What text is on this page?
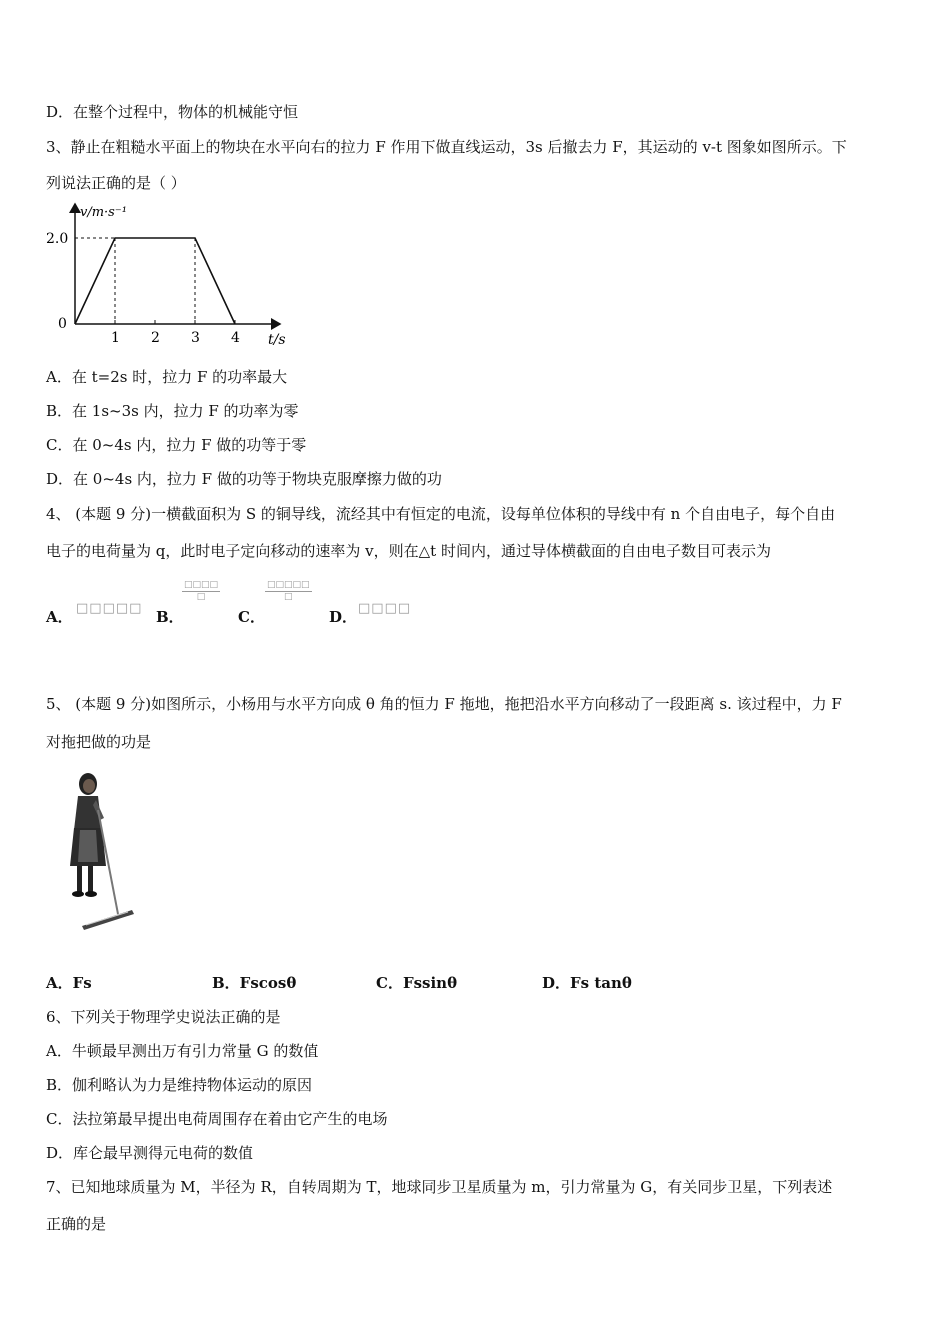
D．在整个过程中，物体的机械能守恒
3、静止在粗糙水平面上的物块在水平向右的拉力 F 作用下做直线运动，3s 后撤去力 F，其运动的 v-t 图象如图所示。下
列说法正确的是（ ）
v/m·s⁻¹
t/s
0
1 2 3 4
2.0
A．在 t=2s 时，拉力 F 的功率最大
B．在 1s~3s 内，拉力 F 的功率为零
C．在 0~4s 内，拉力 F 做的功等于零
D．在 0~4s 内，拉力 F 做的功等于物块克服摩擦力做的功
4、 (本题 9 分)一横截面积为 S 的铜导线，流经其中有恒定的电流，设每单位体积的导线中有 n 个自由电子，每个自由
电子的电荷量为 q，此时电子定向移动的速率为 v，则在△t 时间内，通过导体横截面的自由电子数目可表示为
A． □□□□□ B．	C．	D． □□□□
□□□□
□
□□□□□
□
5、 (本题 9 分)如图所示，小杨用与水平方向成 θ 角的恒力 F 拖地，拖把沿水平方向移动了一段距离 s. 该过程中，力 F
对拖把做的功是
A．Fs	B．Fscosθ	C．Fssinθ	D．Fs tanθ
6、下列关于物理学史说法正确的是
A．牛顿最早测出万有引力常量 G 的数值
B．伽利略认为力是维持物体运动的原因
C．法拉第最早提出电荷周围存在着由它产生的电场
D．库仑最早测得元电荷的数值
7、已知地球质量为 M，半径为 R，自转周期为 T，地球同步卫星质量为 m，引力常量为 G，有关同步卫星，下列表述
正确的是
